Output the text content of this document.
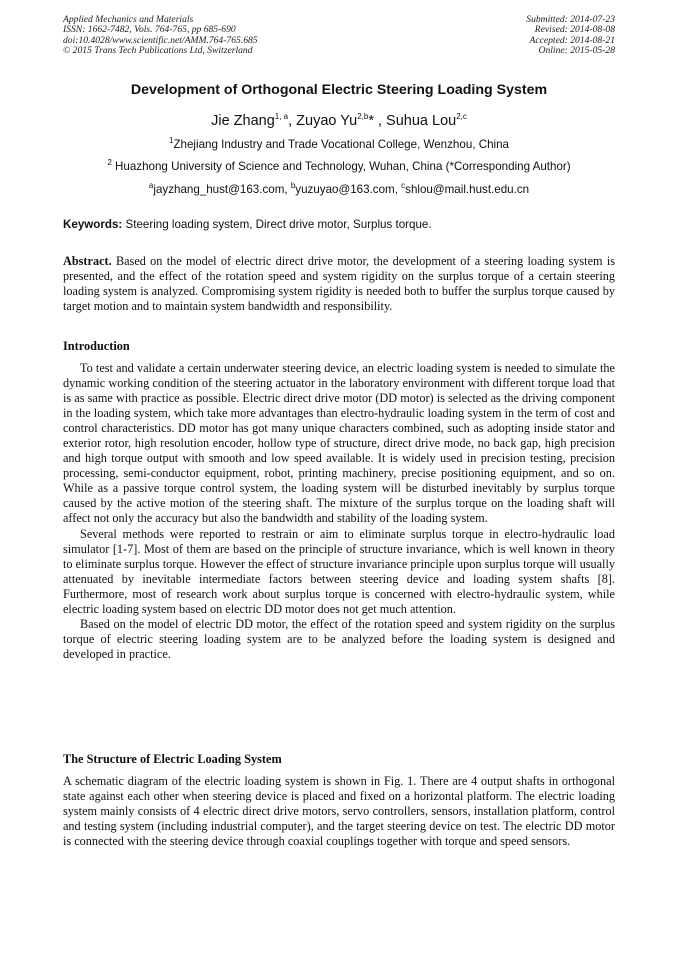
Applied Mechanics and Materials
ISSN: 1662-7482, Vols. 764-765, pp 685-690
doi:10.4028/www.scientific.net/AMM.764-765.685
© 2015 Trans Tech Publications Ltd, Switzerland
Submitted: 2014-07-23
Revised: 2014-08-08
Accepted: 2014-08-21
Online: 2015-05-28
Development of Orthogonal Electric Steering Loading System
Jie Zhang$^{1, a}$, Zuyao Yu$^{2,b}$* , Suhua Lou$^{2,c}$
$^1$Zhejiang Industry and Trade Vocational College, Wenzhou, China
$^2$ Huazhong University of Science and Technology, Wuhan, China (*Corresponding Author)
$^a$jayzhang_hust@163.com, $^b$yuzuyao@163.com, $^c$shlou@mail.hust.edu.cn
Keywords: Steering loading system, Direct drive motor, Surplus torque.

Abstract. Based on the model of electric direct drive motor, the development of a steering loading system is presented, and the effect of the rotation speed and system rigidity on the surplus torque of a certain steering loading system is analyzed. Compromising system rigidity is needed both to buffer the surplus torque caused by target motion and to maintain system bandwidth and responsibility.

Introduction

To test and validate a certain underwater steering device, an electric loading system is needed to simulate the dynamic working condition of the steering actuator in the laboratory environment with different torque load that is as same with practice as possible. Electric direct drive motor (DD motor) is selected as the driving component in the loading system, which take more advantages than electro-hydraulic loading system in the term of cost and control characteristics. DD motor has got many unique characters combined, such as adopting inside stator and exterior rotor, high resolution encoder, hollow type of structure, direct drive mode, no back gap, high precision and high torque output with smooth and low speed available. It is widely used in precision testing, precision processing, semi-conductor equipment, robot, printing machinery, precise positioning equipment, and so on. While as a passive torque control system, the loading system will be disturbed inevitably by surplus torque caused by the active motion of the steering shaft. The mixture of the surplus torque on the loading shaft will affect not only the accuracy but also the bandwidth and stability of the loading system.

Several methods were reported to restrain or aim to eliminate surplus torque in electro-hydraulic load simulator [1-7]. Most of them are based on the principle of structure invariance, which is well known in theory to eliminate surplus torque. However the effect of structure invariance principle upon surplus torque will usually attenuated by inevitable intermediate factors between steering device and loading system shafts [8]. Furthermore, most of research work about surplus torque is concerned with electro-hydraulic system, while electric loading system based on electric DD motor does not get much attention.

Based on the model of electric DD motor, the effect of the rotation speed and system rigidity on the surplus torque of electric steering loading system are to be analyzed before the loading system is designed and developed in practice.

The Structure of Electric Loading System

A schematic diagram of the electric loading system is shown in Fig. 1. There are 4 output shafts in orthogonal state against each other when steering device is placed and fixed on a horizontal platform. The electric loading system mainly consists of 4 electric direct drive motors, servo controllers, sensors, installation platform, control and testing system (including industrial computer), and the target steering device on test. The electric DD motor is connected with the steering device through coaxial couplings together with torque and speed sensors.
